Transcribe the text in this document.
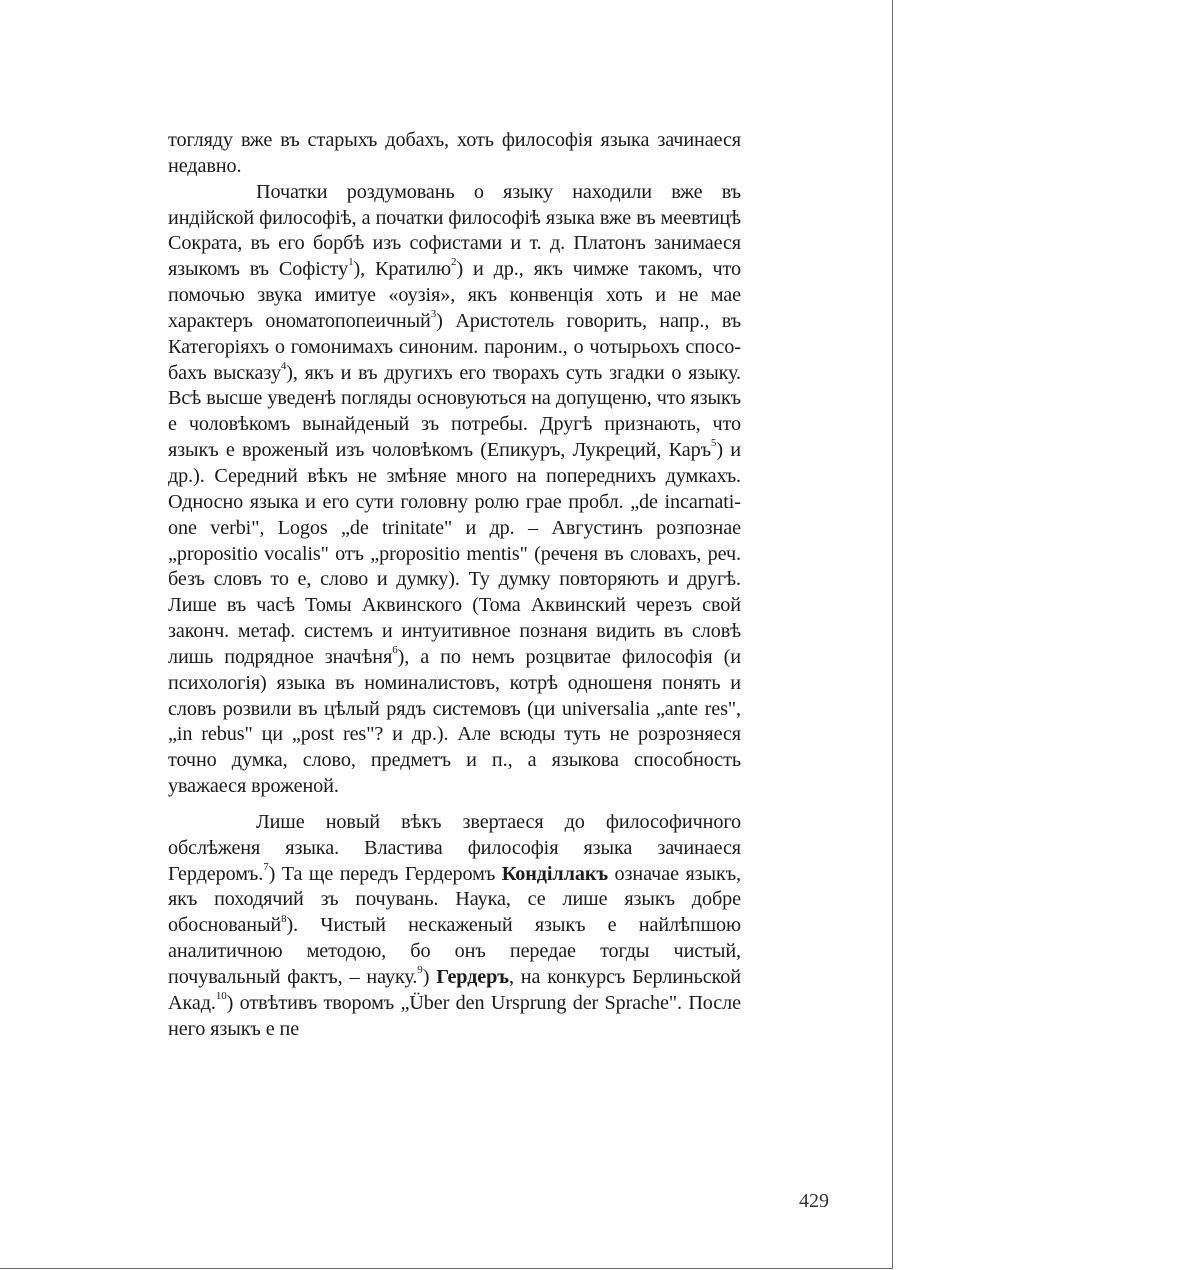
тогляду вже въ старыхъ добахъ, хоть философія языка зачинаеся недавно.

Початки роздумовань о языку находили вже въ индійской философіѣ, а початки философіѣ языка вже въ меевтицѣ Сократа, въ его борбѣ изъ софистами и т. д. Платонъ занимаеся языкомъ въ Софісту$^1$), Кратилю$^2$) и др., якъ чимже такомъ, что помочью звука имитуе «оузія», якъ конвенція хоть и не мае характеръ ономатопопеичный$^3$) Аристотель говорить, напр., въ Категоріяхъ о гомонимахъ синоним. пароним., о чотырьохъ способахъ высказу$^4$), якъ и въ другихъ его творахъ суть згадки о языку. Всѣ высше уведенѣ погляды основуються на допущеню, что языкъ е чоловѣкомъ вынайденый зъ потребы. Другѣ признають, что языкъ е вроженый изъ чоловѣкомъ (Епикуръ, Лукреций, Каръ$^5$) и др.). Середний вѣкъ не змѣняе много на попереднихъ думкахъ. Односно языка и его сути головну ролю грае пробл. „de incarnatione verbi", Logos „de trinitate" и др. – Августинъ розпознае „propositio vocalis" отъ „propositio mentis" (реченя въ словахъ, реч. безъ словъ то е, слово и думку). Ту думку повторяють и другѣ. Лише въ часѣ Томы Аквинского (Тома Аквинский черезъ свой законч. метаф. системъ и интуитивное познаня видить въ словѣ лишь подрядное значѣня$^6$), а по немъ розцвитае философія (и психологія) языка въ номиналистовъ, котрѣ одношеня понять и словъ розвили въ цѣлый рядъ системовъ (ци universalia „ante res", „in rebus" ци „post res"? и др.). Але всюды туть не розрозняеся точно думка, слово, предметъ и п., а языкова способность уважаеся вроженой.

Лише новый вѣкъ звертаеся до философичного обслѣженя языка. Властива философія языка зачинаеся Гердеромъ.$^7$) Та ще передъ Гердеромъ Конділлакъ означае языкъ, якъ походячий зъ почувань. Наука, се лише языкъ добре обоснованый$^8$). Чистый нескаженый языкъ е найлѣпшою аналитичною методою, бо онъ передае тогды чистый, почувальный фактъ, – науку.$^9$) Гердеръ, на конкурсъ Берлиньской Акад.$^{10}$) отвѣтивъ творомъ „Über den Ursprung der Sprache". После него языкъ е пе

429
